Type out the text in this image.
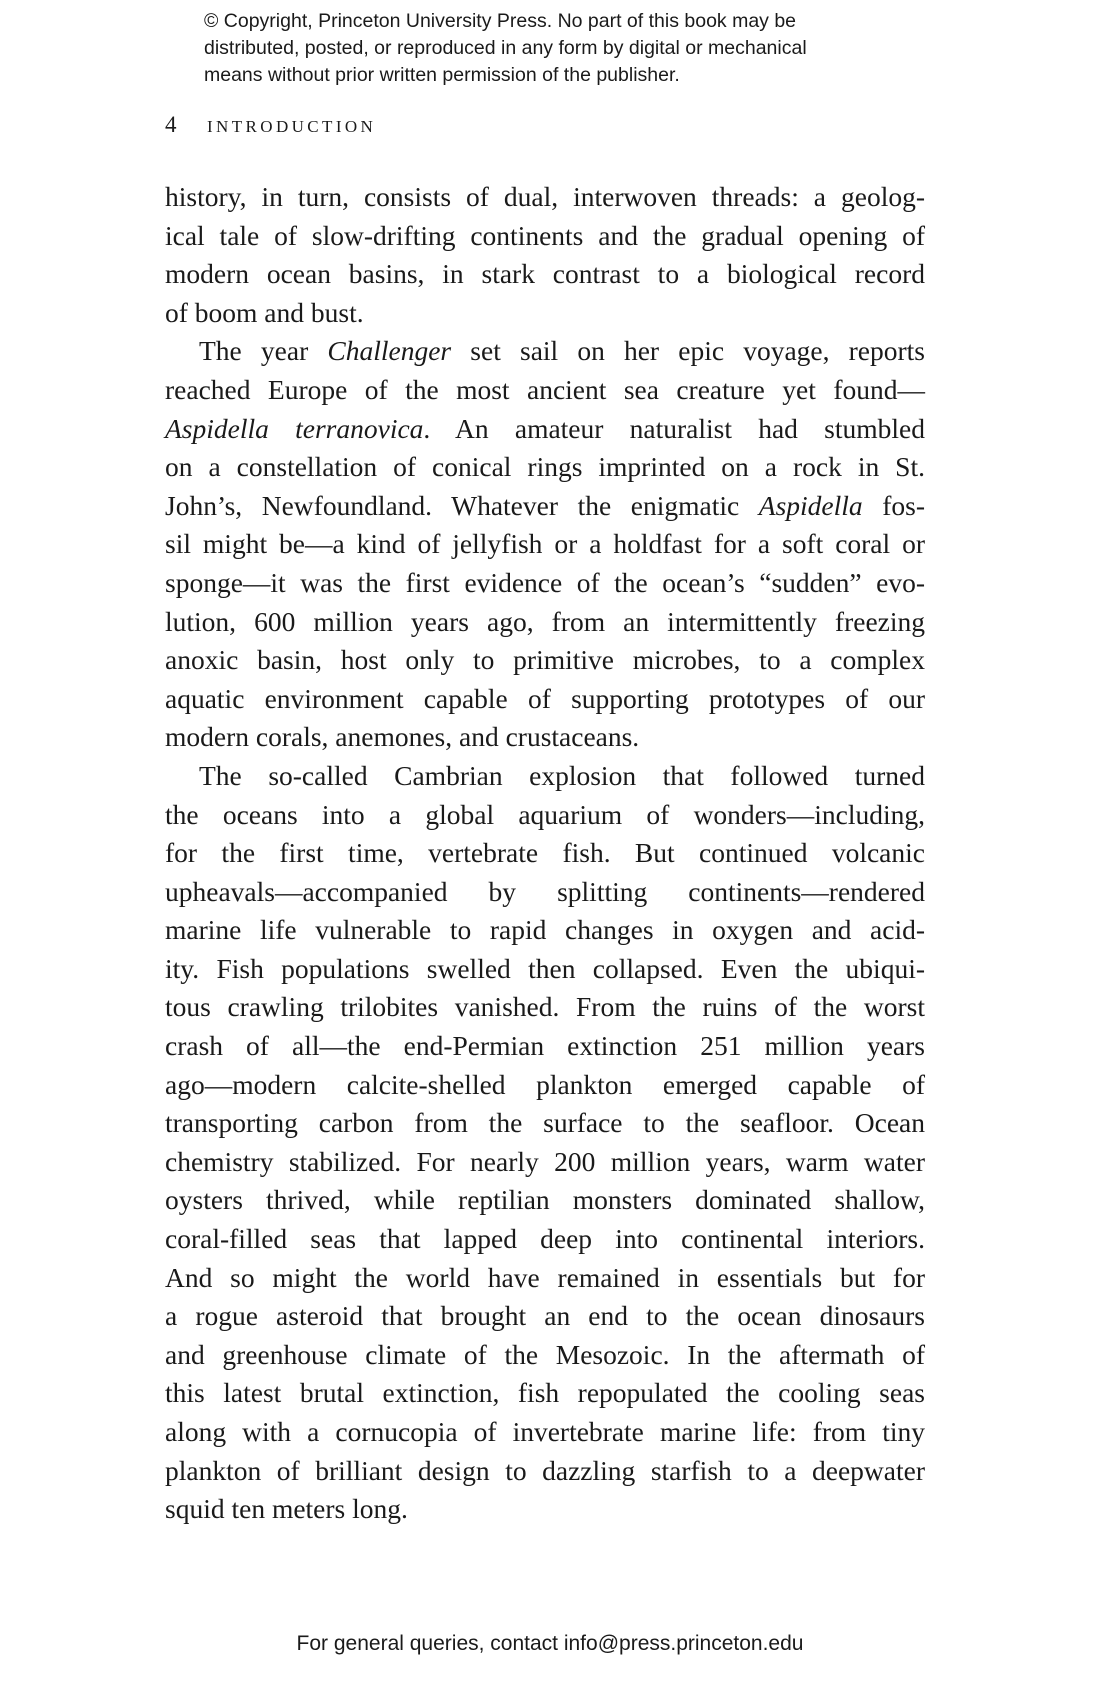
© Copyright, Princeton University Press. No part of this book may be
distributed, posted, or reproduced in any form by digital or mechanical
means without prior written permission of the publisher.
4 INTRODUCTION
history, in turn, consists of dual, interwoven threads: a geolog-
ical tale of slow-drifting continents and the gradual opening of
modern ocean basins, in stark contrast to a biological record
of boom and bust.
The year Challenger set sail on her epic voyage, reports
reached Europe of the most ancient sea creature yet found—
Aspidella terranovica. An amateur naturalist had stumbled
on a constellation of conical rings imprinted on a rock in St.
John’s, Newfoundland. Whatever the enigmatic Aspidella fos-
sil might be—a kind of jellyfish or a holdfast for a soft coral or
sponge—it was the first evidence of the ocean’s “sudden” evo-
lution, 600 million years ago, from an intermittently freezing
anoxic basin, host only to primitive microbes, to a complex
aquatic environment capable of supporting prototypes of our
modern corals, anemones, and crustaceans.
The so-called Cambrian explosion that followed turned
the oceans into a global aquarium of wonders—including,
for the first time, vertebrate fish. But continued volcanic
upheavals—accompanied by splitting continents—rendered
marine life vulnerable to rapid changes in oxygen and acid-
ity. Fish populations swelled then collapsed. Even the ubiqui-
tous crawling trilobites vanished. From the ruins of the worst
crash of all—the end-Permian extinction 251 million years
ago—modern calcite-shelled plankton emerged capable of
transporting carbon from the surface to the seafloor. Ocean
chemistry stabilized. For nearly 200 million years, warm water
oysters thrived, while reptilian monsters dominated shallow,
coral-filled seas that lapped deep into continental interiors.
And so might the world have remained in essentials but for
a rogue asteroid that brought an end to the ocean dinosaurs
and greenhouse climate of the Mesozoic. In the aftermath of
this latest brutal extinction, fish repopulated the cooling seas
along with a cornucopia of invertebrate marine life: from tiny
plankton of brilliant design to dazzling starfish to a deepwater
squid ten meters long.
For general queries, contact info@press.princeton.edu
